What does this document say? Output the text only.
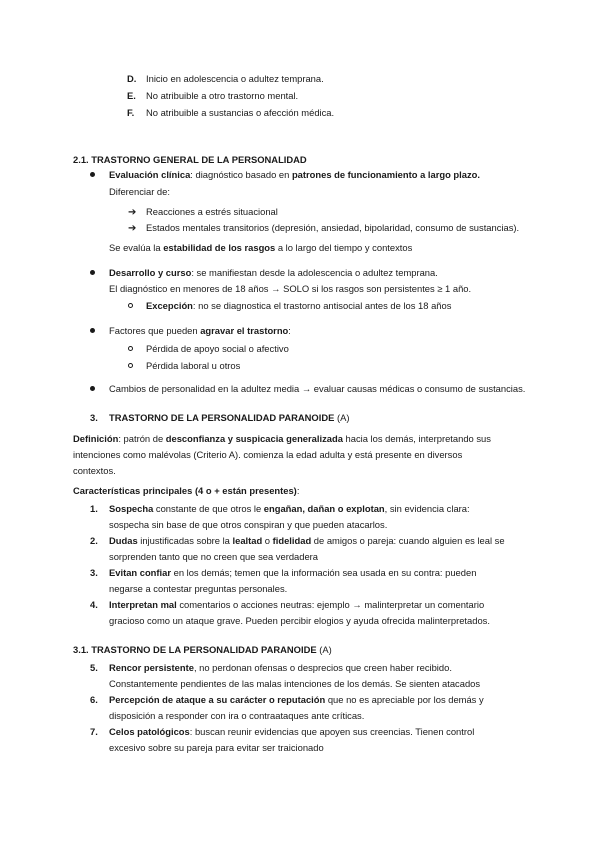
D. Inicio en adolescencia o adultez temprana.
E. No atribuible a otro trastorno mental.
F. No atribuible a sustancias o afección médica.
2.1. TRASTORNO GENERAL DE LA PERSONALIDAD
Evaluación clínica: diagnóstico basado en patrones de funcionamiento a largo plazo.
Diferenciar de:
➔ Reacciones a estrés situacional
➔ Estados mentales transitorios (depresión, ansiedad, bipolaridad, consumo de sustancias).
Se evalúa la estabilidad de los rasgos a lo largo del tiempo y contextos
Desarrollo y curso: se manifiestan desde la adolescencia o adultez temprana.
El diagnóstico en menores de 18 años → SOLO si los rasgos son persistentes ≥ 1 año.
Excepción: no se diagnostica el trastorno antisocial antes de los 18 años
Factores que pueden agravar el trastorno:
Pérdida de apoyo social o afectivo
Pérdida laboral u otros
Cambios de personalidad en la adultez media → evaluar causas médicas o consumo de sustancias.
3. TRASTORNO DE LA PERSONALIDAD PARANOIDE (A)
Definición: patrón de desconfianza y suspicacia generalizada hacia los demás, interpretando sus
intenciones como malévolas (Criterio A). comienza la edad adulta y está presente en diversos
contextos.
Características principales (4 o + están presentes):
1. Sospecha constante de que otros le engañan, dañan o explotan, sin evidencia clara:
sospecha sin base de que otros conspiran y que pueden atacarlos.
2. Dudas injustificadas sobre la lealtad o fidelidad de amigos o pareja: cuando alguien es leal se
sorprenden tanto que no creen que sea verdadera
3. Evitan confiar en los demás; temen que la información sea usada en su contra: pueden
negarse a contestar preguntas personales.
4. Interpretan mal comentarios o acciones neutras: ejemplo → malinterpretar un comentario
gracioso como un ataque grave. Pueden percibir elogios y ayuda ofrecida malinterpretados.
3.1. TRASTORNO DE LA PERSONALIDAD PARANOIDE (A)
5. Rencor persistente, no perdonan ofensas o desprecios que creen haber recibido.
Constantemente pendientes de las malas intenciones de los demás. Se sienten atacados
6. Percepción de ataque a su carácter o reputación que no es apreciable por los demás y
disposición a responder con ira o contraataques ante críticas.
7. Celos patológicos: buscan reunir evidencias que apoyen sus creencias. Tienen control
excesivo sobre su pareja para evitar ser traicionado
